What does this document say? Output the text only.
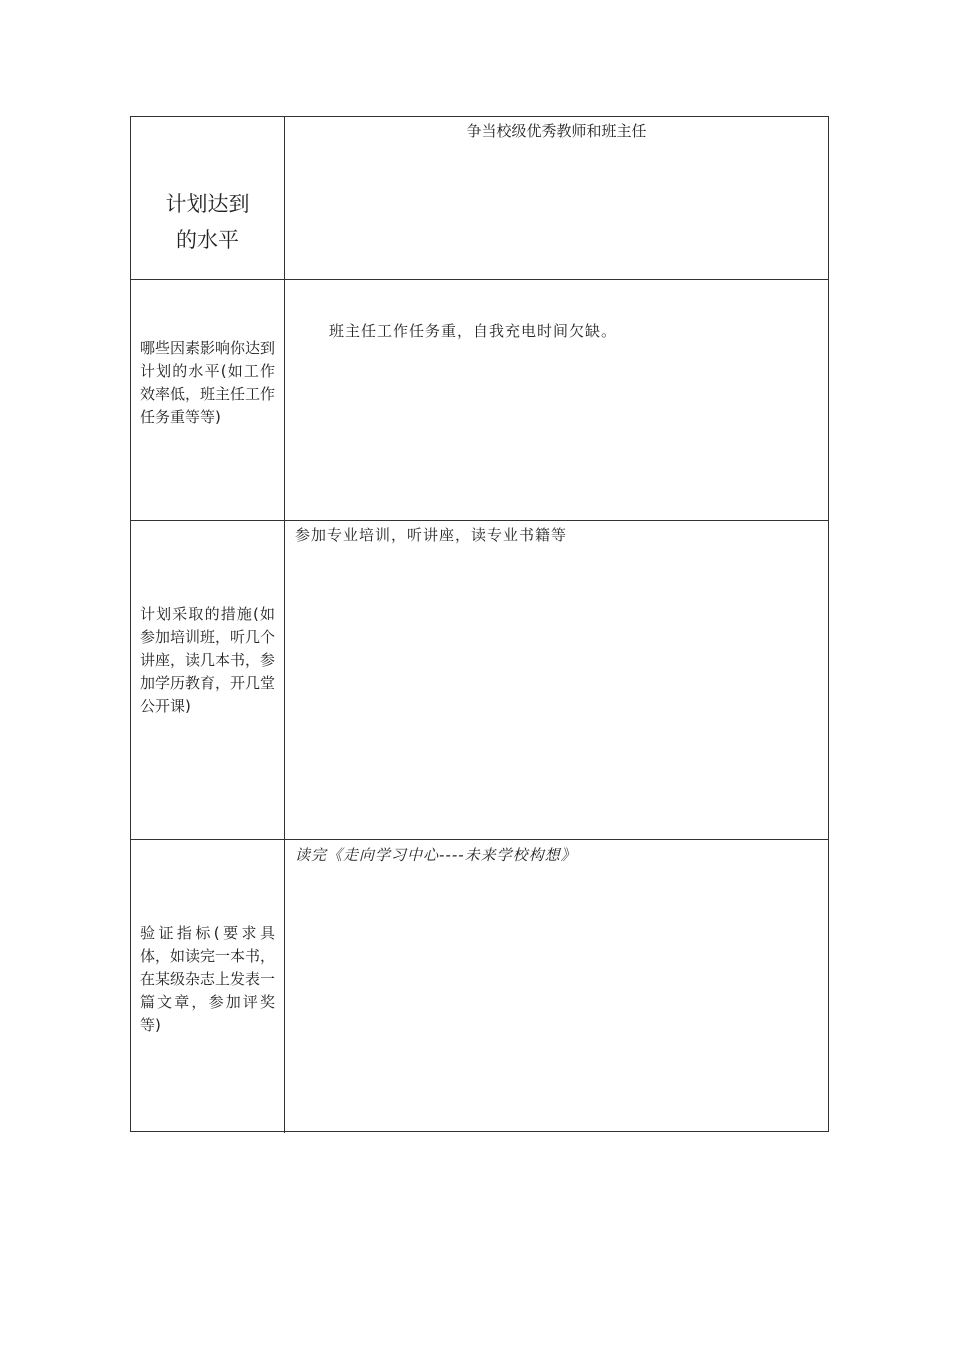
计划达到
的水平
争当校级优秀教师和班主任
哪些因素影响你达到计划的水平(如工作效率低，班主任工作任务重等等)
班主任工作任务重，自我充电时间欠缺。
计划采取的措施(如参加培训班，听几个讲座，读几本书，参加学历教育，开几堂公开课)
参加专业培训，听讲座，读专业书籍等
验证指标(要求具体，如读完一本书，在某级杂志上发表一篇文章，参加评奖等)
读完《走向学习中心----未来学校构想》
